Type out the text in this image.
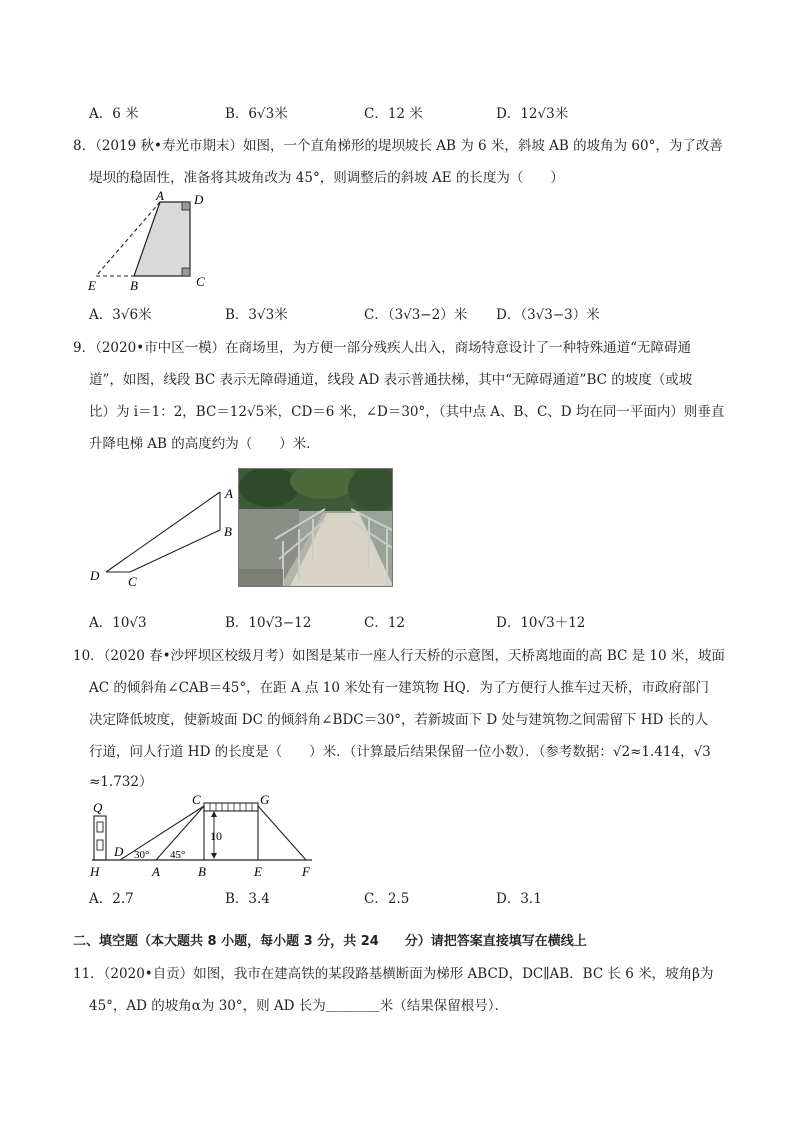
A．6 米	B．6√3米	C．12 米	D．12√3米
8．（2019 秋•寿光市期末）如图，一个直角梯形的堤坝坡长 AB 为 6 米，斜坡 AB 的坡角为 60°，为了改善
堤坝的稳固性，准备将其坡角改为 45°，则调整后的斜坡 AE 的长度为（　　）
A D
E	B	C
A．3√6米	B．3√3米	C．（3√3−2）米 D．（3√3−3）米
9．（2020•市中区一模）在商场里，为方便一部分残疾人出入，商场特意设计了一种特殊通道“无障碍通
道”，如图，线段 BC 表示无障碍通道，线段 AD 表示普通扶梯，其中“无障碍通道”BC 的坡度（或坡
比）为 i＝1：2，BC＝12√5米，CD＝6 米，∠D＝30°，（其中点 A、B、C、D 均在同一平面内）则垂直
升降电梯 AB 的高度约为（　　）米．
A
B
C
D
A．10√3	B．10√3−12	C．12	D．10√3＋12
10．（2020 春•沙坪坝区校级月考）如图是某市一座人行天桥的示意图，天桥离地面的高 BC 是 10 米，坡面
AC 的倾斜角∠CAB＝45°，在距 A 点 10 米处有一建筑物 HQ．为了方便行人推车过天桥，市政府部门
决定降低坡度，使新坡面 DC 的倾斜角∠BDC＝30°，若新坡面下 D 处与建筑物之间需留下 HD 长的人
行道，问人行道 HD 的长度是（　　）米．（计算最后结果保留一位小数）．（参考数据：√2≈1.414，√3
≈1.732）
10
Q
C	G
D 30° 45°
H	A	B	E	F
A．2.7	B．3.4	C．2.5	D．3.1
二、填空题（本大题共 8 小题，每小题 3 分，共 24　　分）请把答案直接填写在横线上
11．（2020•自贡）如图，我市在建高铁的某段路基横断面为梯形 ABCD，DC∥AB．BC 长 6 米，坡角β为
45°，AD 的坡角α为 30°，则 AD 长为＿＿＿＿米（结果保留根号）．
